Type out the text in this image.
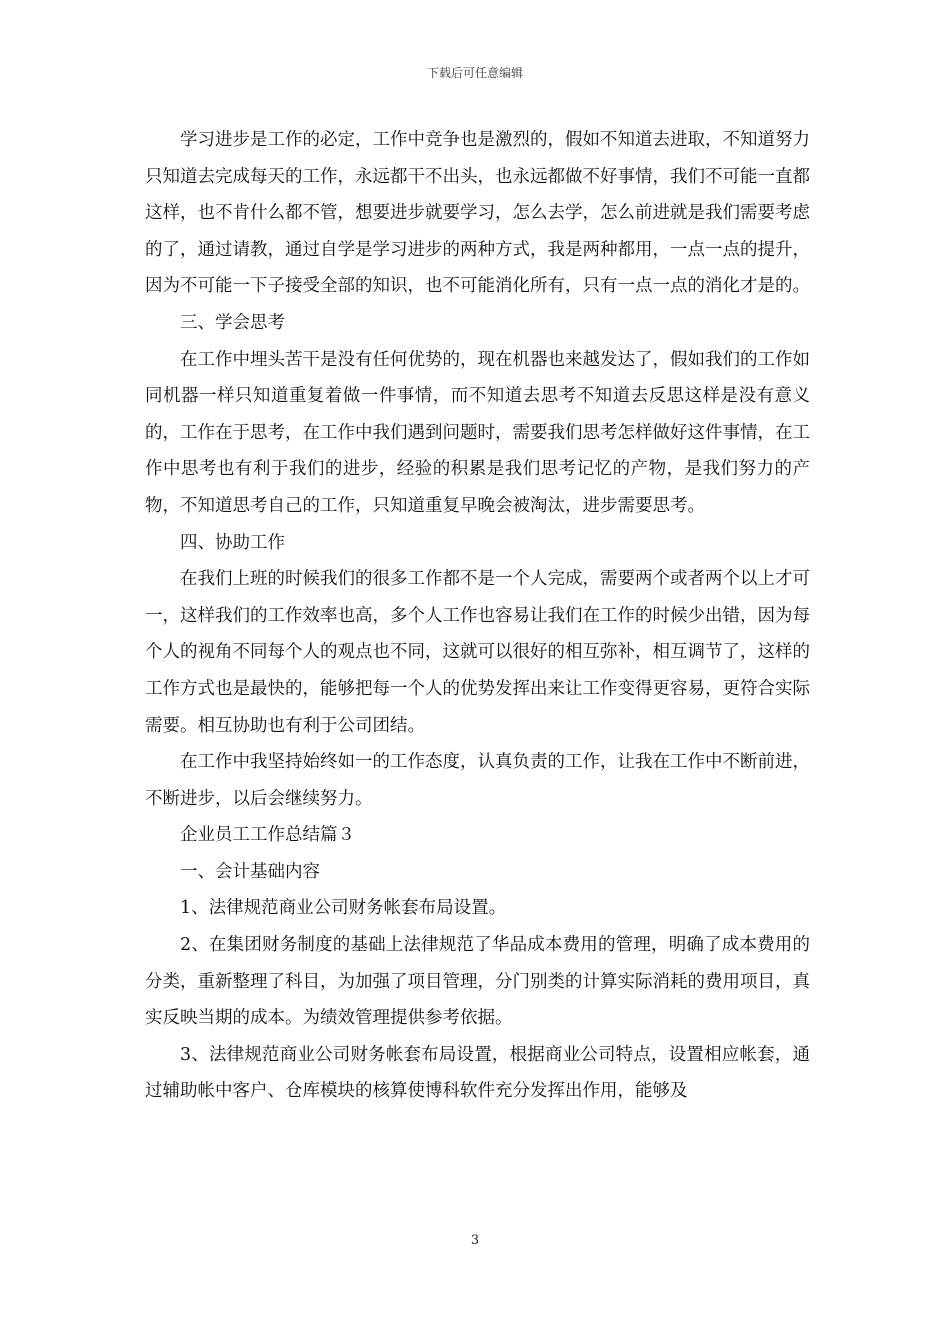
下载后可任意编辑

学习进步是工作的必定，工作中竞争也是激烈的，假如不知道去进取，不知道努力只知道去完成每天的工作，永远都干不出头，也永远都做不好事情，我们不可能一直都这样，也不肯什么都不管，想要进步就要学习，怎么去学，怎么前进就是我们需要考虑的了，通过请教，通过自学是学习进步的两种方式，我是两种都用，一点一点的提升，因为不可能一下子接受全部的知识，也不可能消化所有，只有一点一点的消化才是的。

三、学会思考

在工作中埋头苦干是没有任何优势的，现在机器也来越发达了，假如我们的工作如同机器一样只知道重复着做一件事情，而不知道去思考不知道去反思这样是没有意义的，工作在于思考，在工作中我们遇到问题时，需要我们思考怎样做好这件事情，在工作中思考也有利于我们的进步，经验的积累是我们思考记忆的产物，是我们努力的产物，不知道思考自己的工作，只知道重复早晚会被淘汰，进步需要思考。

四、协助工作

在我们上班的时候我们的很多工作都不是一个人完成，需要两个或者两个以上才可一，这样我们的工作效率也高，多个人工作也容易让我们在工作的时候少出错，因为每个人的视角不同每个人的观点也不同，这就可以很好的相互弥补，相互调节了，这样的工作方式也是最快的，能够把每一个人的优势发挥出来让工作变得更容易，更符合实际需要。相互协助也有利于公司团结。

在工作中我坚持始终如一的工作态度，认真负责的工作，让我在工作中不断前进，不断进步，以后会继续努力。

企业员工工作总结篇３

一、会计基础内容

1、法律规范商业公司财务帐套布局设置。

2、在集团财务制度的基础上法律规范了华品成本费用的管理，明确了成本费用的分类，重新整理了科目，为加强了项目管理，分门别类的计算实际消耗的费用项目，真实反映当期的成本。为绩效管理提供参考依据。

3、法律规范商业公司财务帐套布局设置，根据商业公司特点，设置相应帐套，通过辅助帐中客户、仓库模块的核算使博科软件充分发挥出作用，能够及

3
